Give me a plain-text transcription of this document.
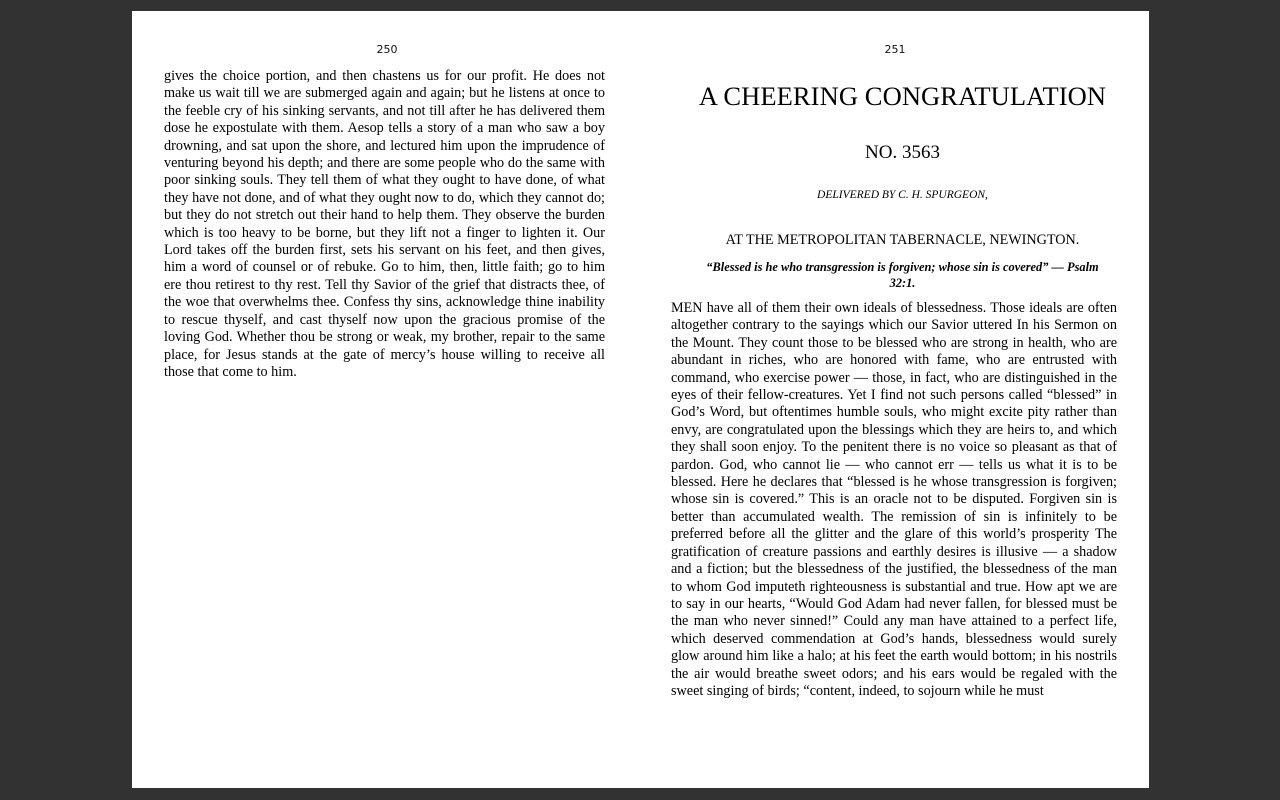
250

gives the choice portion, and then chastens us for our profit. He does not make us wait till we are submerged again and again; but he listens at once to the feeble cry of his sinking servants, and not till after he has delivered them dose he expostulate with them. Aesop tells a story of a man who saw a boy drowning, and sat upon the shore, and lectured him upon the imprudence of venturing beyond his depth; and there are some people who do the same with poor sinking souls. They tell them of what they ought to have done, of what they have not done, and of what they ought now to do, which they cannot do; but they do not stretch out their hand to help them. They observe the burden which is too heavy to be borne, but they lift not a finger to lighten it. Our Lord takes off the burden first, sets his servant on his feet, and then gives, him a word of counsel or of rebuke. Go to him, then, little faith; go to him ere thou retirest to thy rest. Tell thy Savior of the grief that distracts thee, of the woe that overwhelms thee. Confess thy sins, acknowledge thine inability to rescue thyself, and cast thyself now upon the gracious promise of the loving God. Whether thou be strong or weak, my brother, repair to the same place, for Jesus stands at the gate of mercy’s house willing to receive all those that come to him.

251
A CHEERING CONGRATULATION
NO. 3563
DELIVERED BY C. H. SPURGEON,
AT THE METROPOLITAN TABERNACLE, NEWINGTON.
“Blessed is he who transgression is forgiven; whose sin is covered” — Psalm 32:1.

MEN have all of them their own ideals of blessedness. Those ideals are often altogether contrary to the sayings which our Savior uttered In his Sermon on the Mount. They count those to be blessed who are strong in health, who are abundant in riches, who are honored with fame, who are entrusted with command, who exercise power — those, in fact, who are distinguished in the eyes of their fellow-creatures. Yet I find not such persons called “blessed” in God’s Word, but oftentimes humble souls, who might excite pity rather than envy, are congratulated upon the blessings which they are heirs to, and which they shall soon enjoy. To the penitent there is no voice so pleasant as that of pardon. God, who cannot lie — who cannot err — tells us what it is to be blessed. Here he declares that “blessed is he whose transgression is forgiven; whose sin is covered.” This is an oracle not to be disputed. Forgiven sin is better than accumulated wealth. The remission of sin is infinitely to be preferred before all the glitter and the glare of this world’s prosperity The gratification of creature passions and earthly desires is illusive — a shadow and a fiction; but the blessedness of the justified, the blessedness of the man to whom God imputeth righteousness is substantial and true. How apt we are to say in our hearts, “Would God Adam had never fallen, for blessed must be the man who never sinned!” Could any man have attained to a perfect life, which deserved commendation at God’s hands, blessedness would surely glow around him like a halo; at his feet the earth would bottom; in his nostrils the air would breathe sweet odors; and his ears would be regaled with the sweet singing of birds; “content, indeed, to sojourn while he must
